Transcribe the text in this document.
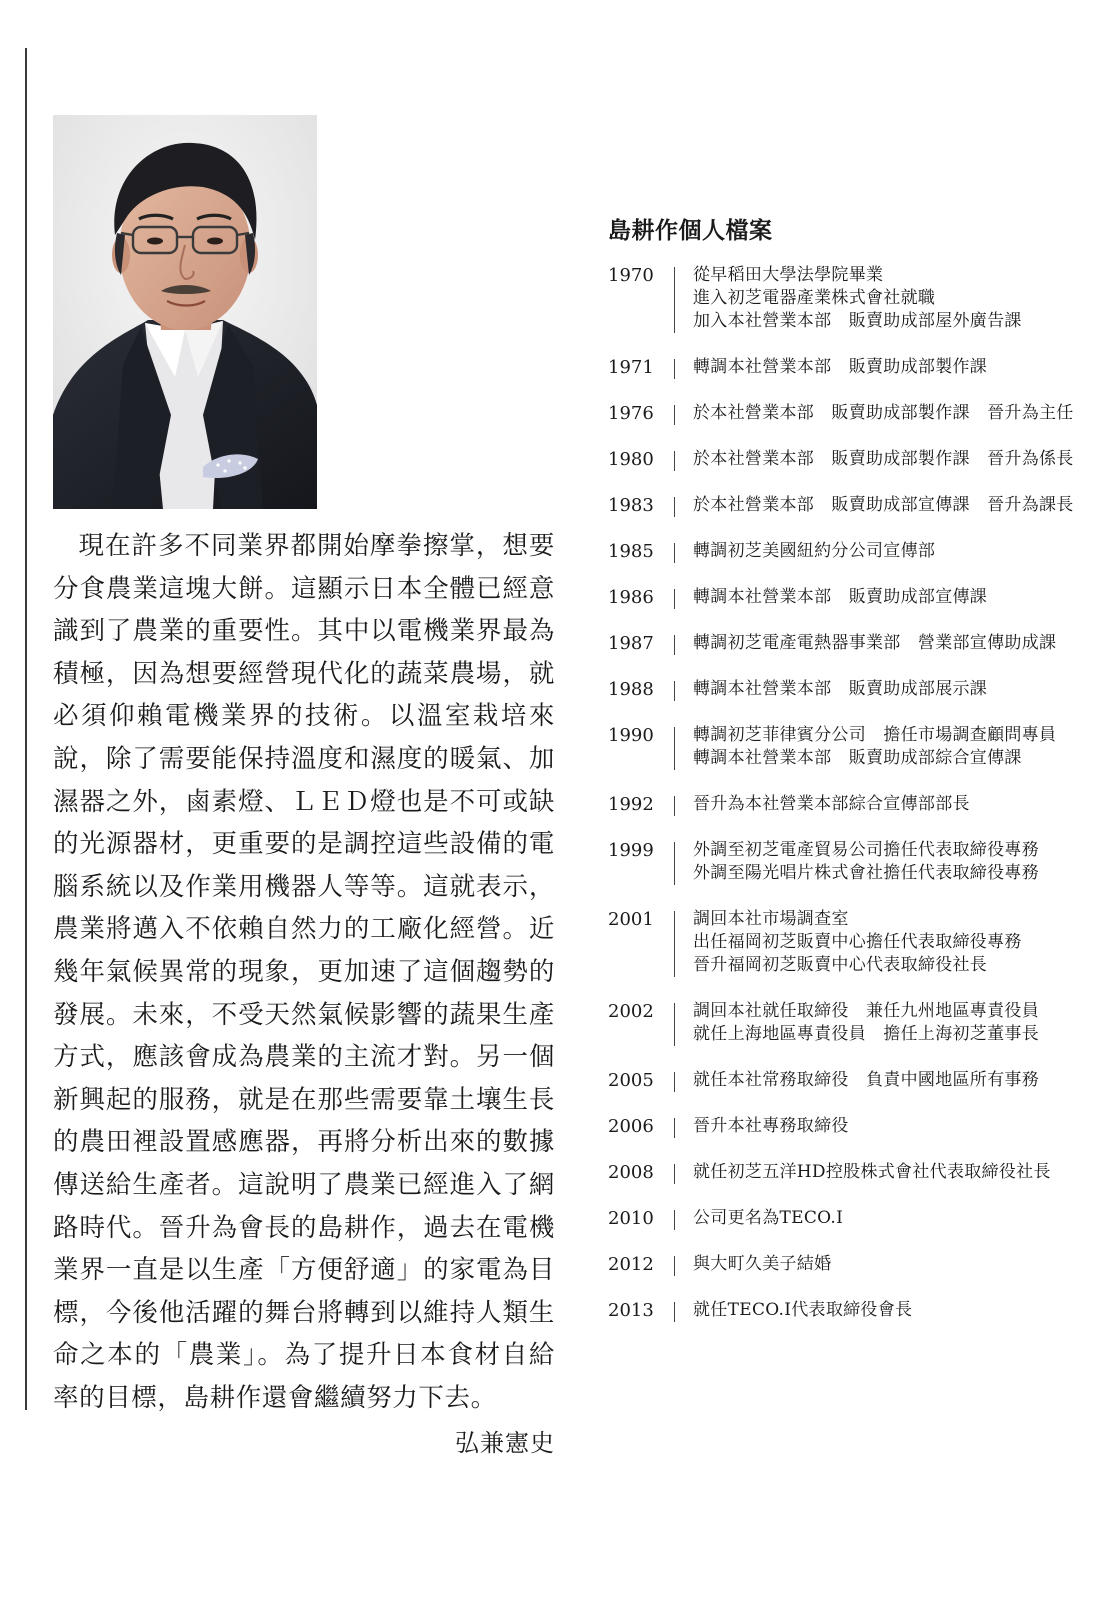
現在許多不同業界都開始摩拳擦掌，想要分食農業這塊大餅。這顯示日本全體已經意識到了農業的重要性。其中以電機業界最為積極，因為想要經營現代化的蔬菜農場，就必須仰賴電機業界的技術。以溫室栽培來說，除了需要能保持溫度和濕度的暖氣、加濕器之外，鹵素燈、ＬＥＤ燈也是不可或缺的光源器材，更重要的是調控這些設備的電腦系統以及作業用機器人等等。這就表示，農業將邁入不依賴自然力的工廠化經營。近幾年氣候異常的現象，更加速了這個趨勢的發展。未來，不受天然氣候影響的蔬果生產方式，應該會成為農業的主流才對。另一個新興起的服務，就是在那些需要靠土壤生長的農田裡設置感應器，再將分析出來的數據傳送給生產者。這說明了農業已經進入了網路時代。晉升為會長的島耕作，過去在電機業界一直是以生產「方便舒適」的家電為目標，今後他活躍的舞台將轉到以維持人類生命之本的「農業」。為了提升日本食材自給率的目標，島耕作還會繼續努力下去。

弘兼憲史

島耕作個人檔案
1970 從早稻田大學法學院畢業
進入初芝電器產業株式會社就職
加入本社營業本部　販賣助成部屋外廣告課
1971 轉調本社營業本部　販賣助成部製作課
1976 於本社營業本部　販賣助成部製作課　晉升為主任
1980 於本社營業本部　販賣助成部製作課　晉升為係長
1983 於本社營業本部　販賣助成部宣傳課　晉升為課長
1985 轉調初芝美國紐約分公司宣傳部
1986 轉調本社營業本部　販賣助成部宣傳課
1987 轉調初芝電產電熱器事業部　營業部宣傳助成課
1988 轉調本社營業本部　販賣助成部展示課
1990 轉調初芝菲律賓分公司　擔任市場調查顧問專員
轉調本社營業本部　販賣助成部綜合宣傳課
1992 晉升為本社營業本部綜合宣傳部部長
1999 外調至初芝電產貿易公司擔任代表取締役專務
外調至陽光唱片株式會社擔任代表取締役專務
2001 調回本社市場調查室
出任福岡初芝販賣中心擔任代表取締役專務
晉升福岡初芝販賣中心代表取締役社長
2002 調回本社就任取締役　兼任九州地區專責役員
就任上海地區專責役員　擔任上海初芝董事長
2005 就任本社常務取締役　負責中國地區所有事務
2006 晉升本社專務取締役
2008 就任初芝五洋HD控股株式會社代表取締役社長
2010 公司更名為TECO.I
2012 與大町久美子結婚
2013 就任TECO.I代表取締役會長
